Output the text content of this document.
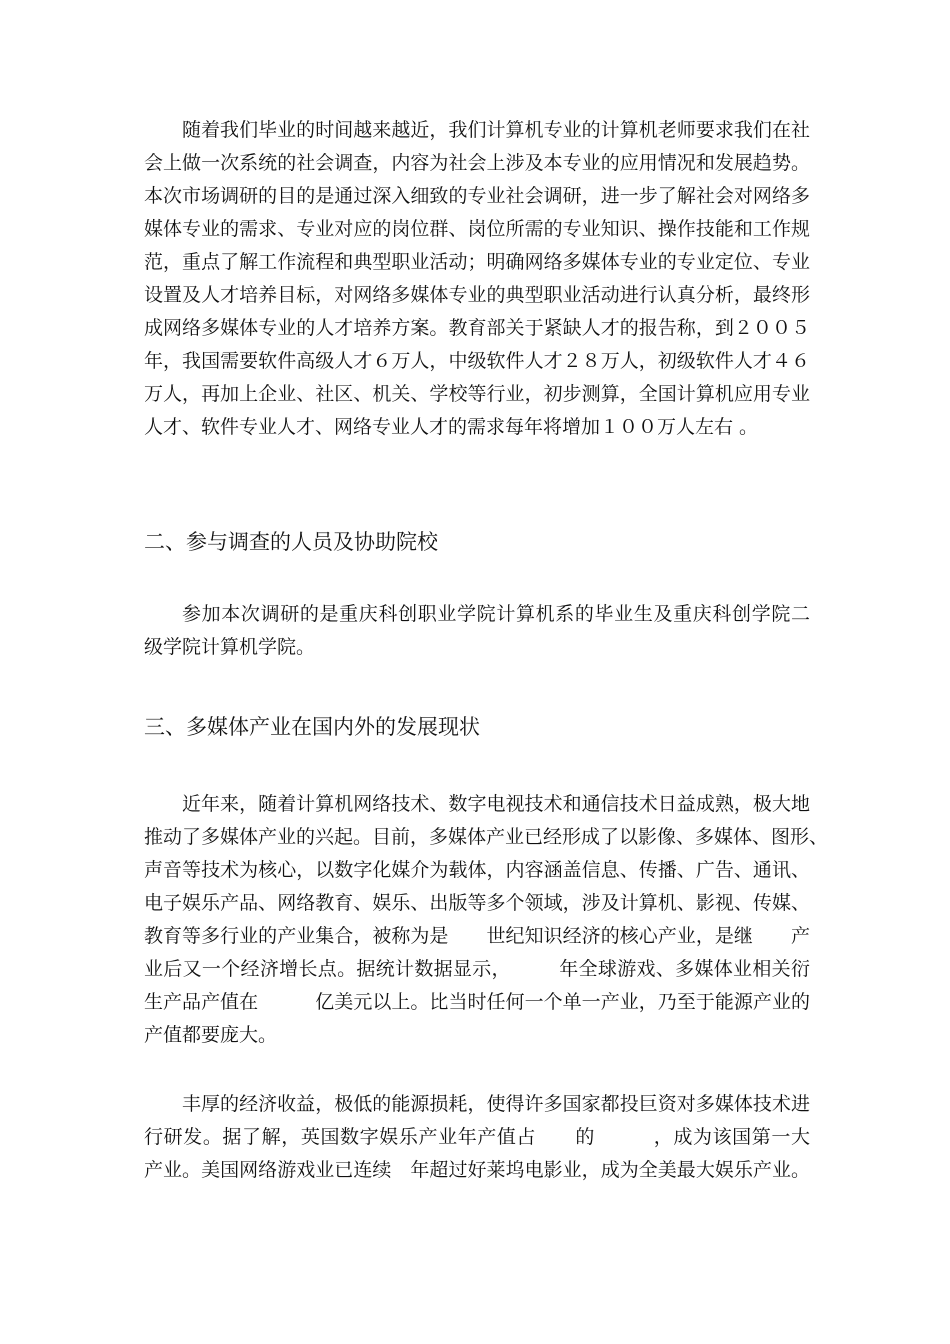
随着我们毕业的时间越来越近，我们计算机专业的计算机老师要求我们在社
会上做一次系统的社会调查，内容为社会上涉及本专业的应用情况和发展趋势。
本次市场调研的目的是通过深入细致的专业社会调研，进一步了解社会对网络多
媒体专业的需求、专业对应的岗位群、岗位所需的专业知识、操作技能和工作规
范，重点了解工作流程和典型职业活动；明确网络多媒体专业的专业定位、专业
设置及人才培养目标，对网络多媒体专业的典型职业活动进行认真分析，最终形
成网络多媒体专业的人才培养方案。教育部关于紧缺人才的报告称，到２００５
年，我国需要软件高级人才６万人，中级软件人才２８万人，初级软件人才４６
万人，再加上企业、社区、机关、学校等行业，初步测算，全国计算机应用专业
人才、软件专业人才、网络专业人才的需求每年将增加１００万人左右 。
二、参与调查的人员及协助院校
参加本次调研的是重庆科创职业学院计算机系的毕业生及重庆科创学院二
级学院计算机学院。
三、多媒体产业在国内外的发展现状
近年来，随着计算机网络技术、数字电视技术和通信技术日益成熟，极大地
推动了多媒体产业的兴起。目前，多媒体产业已经形成了以影像、多媒体、图形、
声音等技术为核心，以数字化媒介为载体，内容涵盖信息、传播、广告、通讯、
电子娱乐产品、网络教育、娱乐、出版等多个领域，涉及计算机、影视、传媒、
教育等多行业的产业集合，被称为是　　世纪知识经济的核心产业，是继　　产
业后又一个经济增长点。据统计数据显示，　　　年全球游戏、多媒体业相关衍
生产品产值在　　　亿美元以上。比当时任何一个单一产业，乃至于能源产业的
产值都要庞大。
丰厚的经济收益，极低的能源损耗，使得许多国家都投巨资对多媒体技术进
行研发。据了解，英国数字娱乐产业年产值占　　的　　　，成为该国第一大
产业。美国网络游戏业已连续　年超过好莱坞电影业，成为全美最大娱乐产业。
